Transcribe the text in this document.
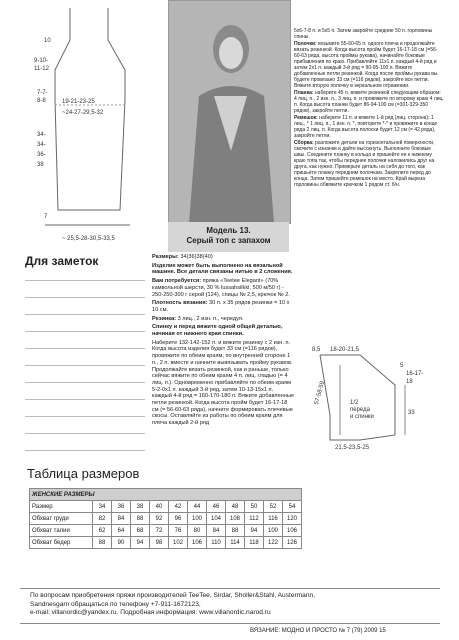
10
9-10-
11-12
7-7-
8-8	19-21-23-25
~24-27-29,5-32
34-
34-
36-
38
7
~ 25,5-28-30,5-33,5
Модель 13.
Серый топ с запахом
Для заметок	Размеры: 34(36)38(40)

Изделие может быть выполнено на вязальной машине. Все детали связаны нитью в 2 сложения.

Вам потребуется: пряжа «Teetee Elegant» (70% камвольной шерсти, 30 % lussahsilkki, 500 м/50 г) - 250-250-300 г серой (124), спицы № 2,5, крючок № 2.

Плотность вязания: 30 п. х 35 рядов резинки = 10 х 10 см.

Резинка: 3 лиц., 2 изн. п., чередуя.

Спинку и перед вяжите одной общей деталью, начиная от нижнего края спинки.

Наберите 132-142-152 п. и вяжите резинку с 2 изн. п. Когда высота изделия будет 33 см (=116 рядов), провяжите по обеим краям, по внутренней стороне 1 п., 2 п. вместе и начните вывязывать пройму рукавов. Продолжайте вязать резинкой, как и раньше, только сейчас вяжите по обеим краям 4 п. лиц. гладью (= 4 лиц. п.). Одновременно прибавляйте по обеим краям 5-2-0x1 п. каждый 3-й ряд, затем 10-13-15x1 п. каждый 4-й ряд = 160-170-180 п. Вяжите добавленные петли резинкой. Когда высота пройм будет 16-17-18 см (= 56-60-63 ряда), начните формировать плечевые скосы. Оставляйте из работы по обеим краям для плеча каждый 2-й ряд

5x6-7-8 п. и 5x5 п. Затем закройте средние 50 п. горловины спины.

Полочки: возьмите 55-60-65 п. одного плеча и продолжайте вязать резинкой. Когда высота пройм будет 16-17-18 см (=56-60-63 ряда, высота проймы рукава), начинайте боковые прибавления по краю. Прибавляйте 11x1 п. каждый 4-й ряд и затем 2x1 п. каждый 3-й ряд = 90-95-100 п. Вяжите добавленные петли резинкой. Когда после проймы рукава вы будете провязано 33 см (=116 рядов), закройте все петли. Вяжите вторую полочку в зеркальном отражении.

Планка: наберите 45 п. вяжите резинкой следующим образом: 4 лиц. п., 2 изн. п., 3 лиц. п. и провяжите по второму краю 4 лиц. п. Когда высота планки будет 86-94-100 см (=301-329-350 рядов), закройте петли.

Ремешок: наберите 11 п. и вяжите 1-й ряд (лиц. сторона): 1 лиц., * 1 лиц. п., 1 изн. п. *, повторите *-* и провяжите в конце ряда 2 лиц. п. Когда высота полоски будет 12 см (= 42 ряда), закройте петли.

Сборка: разложите детали на горизонтальной поверхности, смочите с изнанки и дайте высохнуть. Выполните боковые швы. Соедините планку в кольцо и пришейте ее к нижнему краю топа так, чтобы переднее полочки наложились друг на друга, как нужно. Примерьте деталь на себя до того, как пришьёте планку передним полочкам. Закрепите перед до конца. Затем пришейте ремешок на место. Край выреза горловины обвяжите крючком 1 рядом ст. б/н.

8,5 18-20-21,5
57-58-59
5
16-17-
18
33
1/2
переда
и спинки
21,5-23,5-25
Таблица размеров
ЖЕНСКИЕ РАЗМЕРЫ											
Размер	34	36	38	40	42	44	46	48	50	52	54
Обхват груди	82	84	88	92	96	100	104	108	112	116	120
Обхват талии	62	64	68	72	76	80	84	88	94	100	106
Обхват бедер	88	90	94	98	102	106	110	114	118	122	126
По вопросам приобретения пряжи производителей TeeTee, Sirdar, Sholler&Stahl, Austermann,
Sandnesgarn обращаться по телефону +7-911-1672123,
e-mail: villanordic@yandex.ru. Подробная информация: www.villanordic.narod.ru
ВЯЗАНИЕ: МОДНО И ПРОСТО № 7 (79) 2009 15
